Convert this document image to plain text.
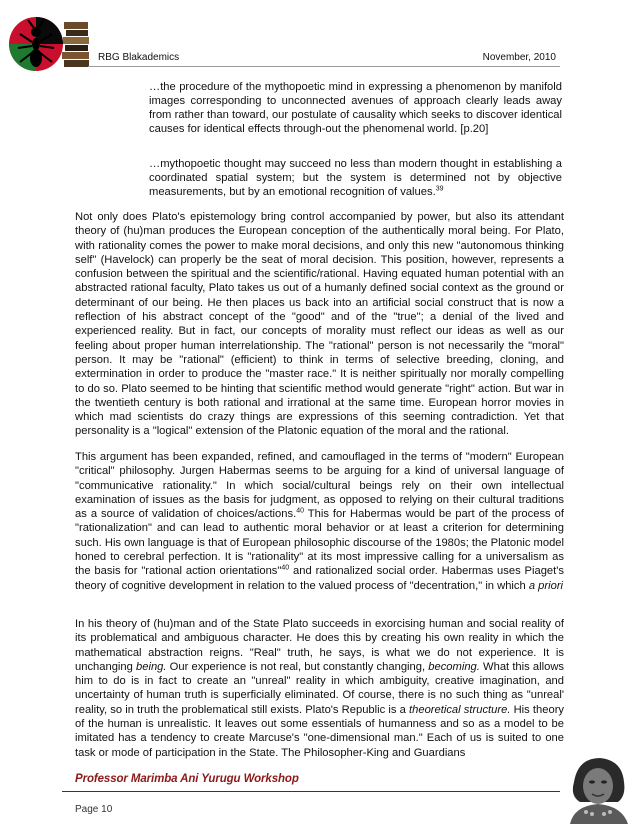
RBG Blakademics	November, 2010
…the procedure of the mythopoetic mind in expressing a phenomenon by manifold images corresponding to unconnected avenues of approach clearly leads away from rather than toward, our postulate of causality which seeks to discover identical causes for identical effects through-out the phenomenal world. [p.20]
…mythopoetic thought may succeed no less than modern thought in establishing a coordinated spatial system; but the system is determined not by objective measurements, but by an emotional recognition of values.$^{39}$
Not only does Plato's epistemology bring control accompanied by power, but also its attendant theory of (hu)man produces the European conception of the authentically moral being. For Plato, with rationality comes the power to make moral decisions, and only this new "autonomous thinking self" (Havelock) can properly be the seat of moral decision. This position, however, represents a confusion between the spiritual and the scientific/rational. Having equated human potential with an abstracted rational faculty, Plato takes us out of a humanly defined social context as the ground or determinant of our being. He then places us back into an artificial social construct that is now a reflection of his abstract concept of the "good" and of the "true"; a denial of the lived and experienced reality. But in fact, our concepts of morality must reflect our ideas as well as our feeling about proper human interrelationship. The "rational" person is not necessarily the "moral" person. It may be "rational" (efficient) to think in terms of selective breeding, cloning, and extermination in order to produce the "master race." It is neither spiritually nor morally compelling to do so. Plato seemed to be hinting that scientific method would generate "right" action. But war in the twentieth century is both rational and irrational at the same time. European horror movies in which mad scientists do crazy things are expressions of this seeming contradiction. Yet that personality is a "logical" extension of the Platonic equation of the moral and the rational.
This argument has been expanded, refined, and camouflaged in the terms of "modern" European "critical" philosophy. Jurgen Habermas seems to be arguing for a kind of universal language of "communicative rationality." In which social/cultural beings rely on their own intellectual examination of issues as the basis for judgment, as opposed to relying on their cultural traditions as a source of validation of choices/actions.$^{40}$ This for Habermas would be part of the process of "rationalization" and can lead to authentic moral behavior or at least a criterion for determining such. His own language is that of European philosophic discourse of the 1980s; the Platonic model honed to cerebral perfection. It is "rationality" at its most impressive calling for a universalism as the basis for "rational action orientations"$^{40}$ and rationalized social order. Habermas uses Piaget's theory of cognitive development in relation to the valued process of "decentration," in which a priori
In his theory of (hu)man and of the State Plato succeeds in exorcising human and social reality of its problematical and ambiguous character. He does this by creating his own reality in which the mathematical abstraction reigns. "Real" truth, he says, is what we do not experience. It is unchanging being. Our experience is not real, but constantly changing, becoming. What this allows him to do is in fact to create an "unreal" reality in which ambiguity, creative imagination, and uncertainty of human truth is superficially eliminated. Of course, there is no such thing as "unreal' reality, so in truth the problematical still exists. Plato's Republic is a theoretical structure. His theory of the human is unrealistic. It leaves out some essentials of humanness and so as a model to be imitated has a tendency to create Marcuse's "one-dimensional man." Each of us is suited to one task or mode of participation in the State. The Philosopher-King and Guardians
Professor Marimba Ani Yurugu Workshop
Page 10
